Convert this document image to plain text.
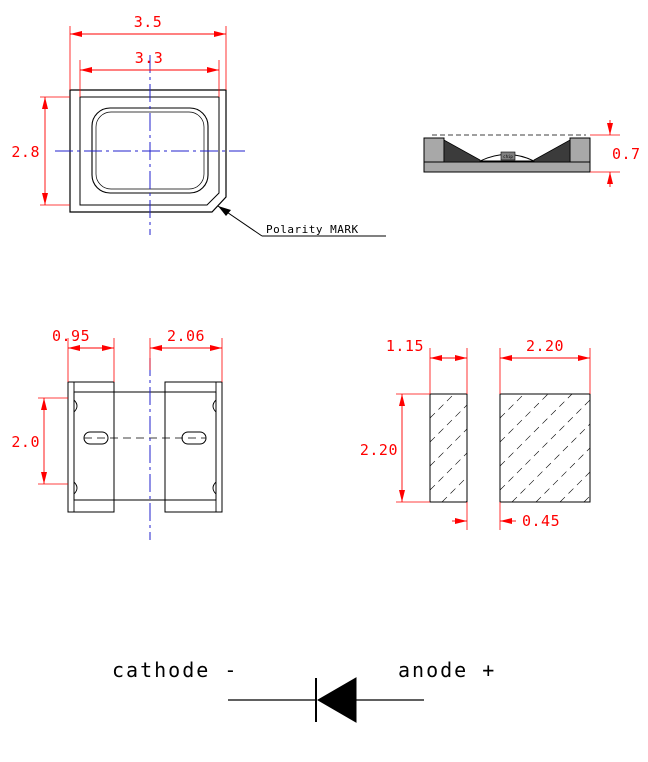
3.5
3.3
2.8
Polarity MARK
chip	0.7
0.95	2.06
2.0
1.15	2.20
2.20
0.45
cathode -	anode +
